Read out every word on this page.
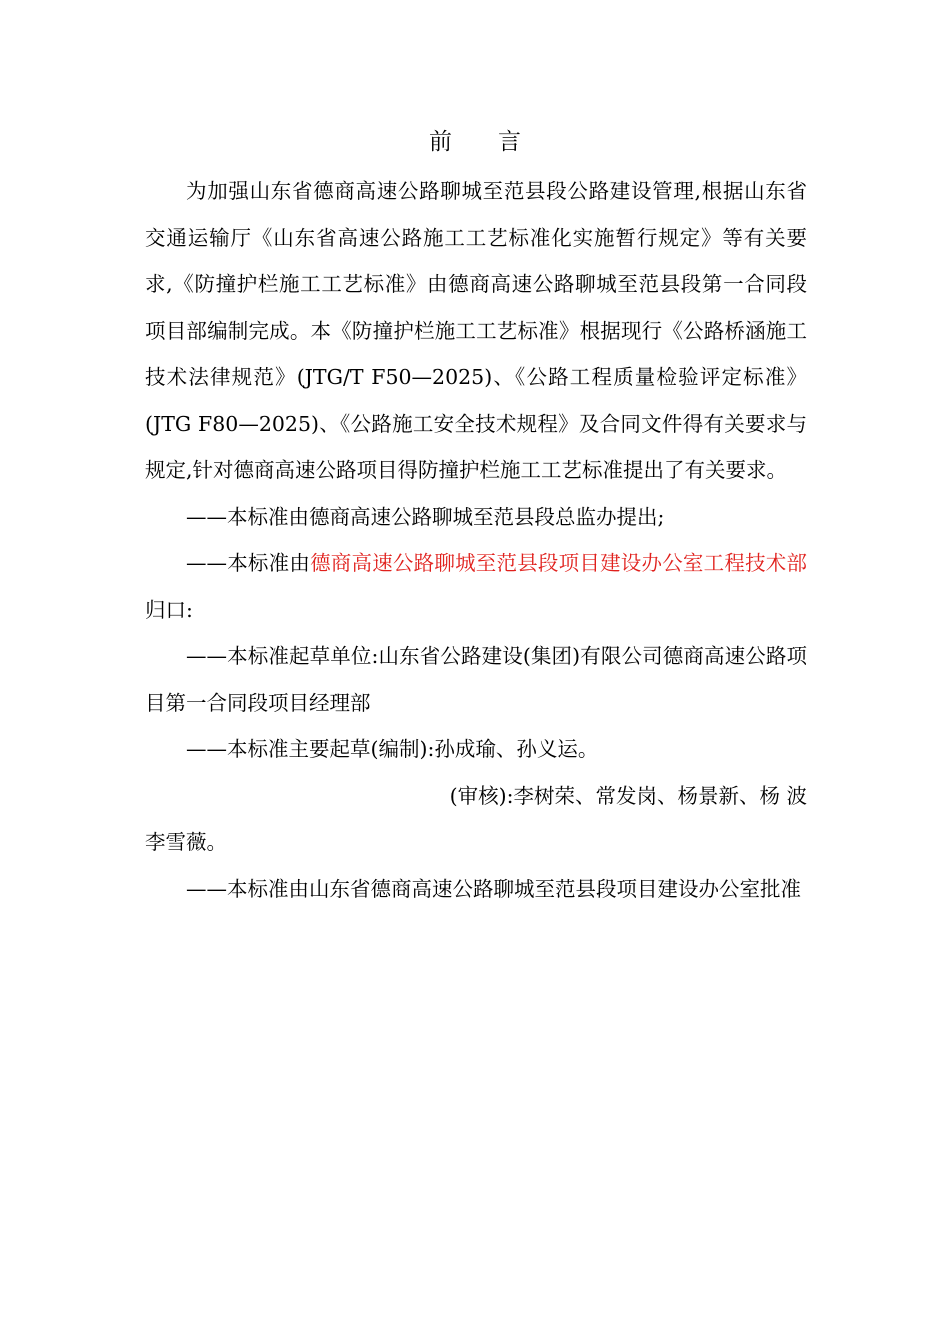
前 言

为加强山东省德商高速公路聊城至范县段公路建设管理,根据山东省交通运输厅《山东省高速公路施工工艺标准化实施暂行规定》等有关要求,《防撞护栏施工工艺标准》由德商高速公路聊城至范县段第一合同段项目部编制完成。本《防撞护栏施工工艺标准》根据现行《公路桥涵施工技术法律规范》(JTG/T F50—2025)、《公路工程质量检验评定标准》(JTG F80—2025)、《公路施工安全技术规程》及合同文件得有关要求与规定,针对德商高速公路项目得防撞护栏施工工艺标准提出了有关要求。

——本标准由德商高速公路聊城至范县段总监办提出;

——本标准由德商高速公路聊城至范县段项目建设办公室工程技术部归口:

——本标准起草单位:山东省公路建设(集团)有限公司德商高速公路项目第一合同段项目经理部

——本标准主要起草(编制):孙成瑜、孙义运。

(审核):李树荣、常发岗、杨景新、杨 波

李雪薇。

——本标准由山东省德商高速公路聊城至范县段项目建设办公室批准
